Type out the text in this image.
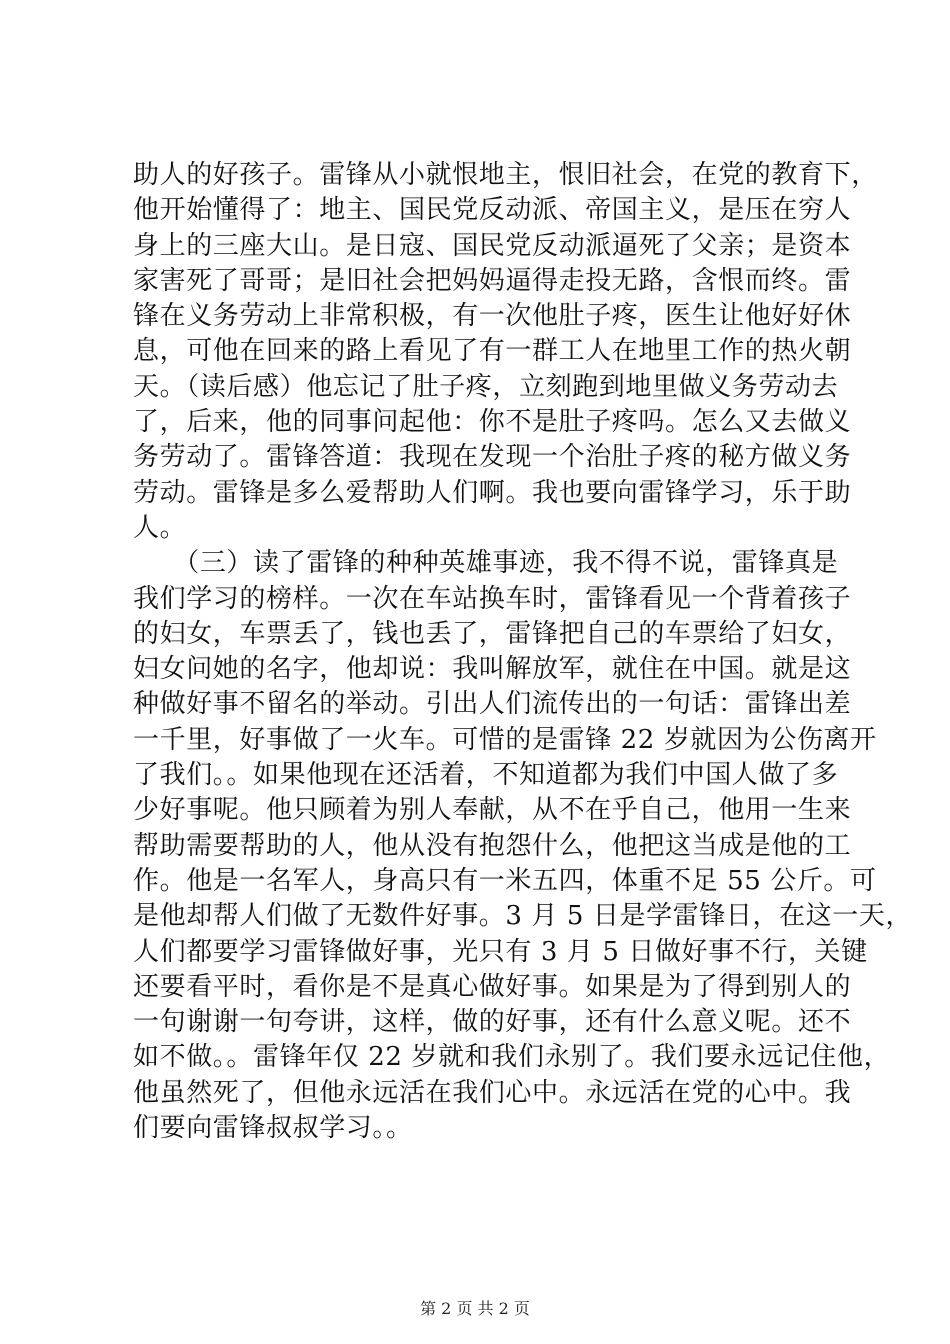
助人的好孩子。雷锋从小就恨地主，恨旧社会，在党的教育下，
他开始懂得了：地主、国民党反动派、帝国主义，是压在穷人
身上的三座大山。是日寇、国民党反动派逼死了父亲；是资本
家害死了哥哥；是旧社会把妈妈逼得走投无路，含恨而终。雷
锋在义务劳动上非常积极，有一次他肚子疼，医生让他好好休
息，可他在回来的路上看见了有一群工人在地里工作的热火朝
天。（读后感）他忘记了肚子疼，立刻跑到地里做义务劳动去
了，后来，他的同事问起他：你不是肚子疼吗。怎么又去做义
务劳动了。雷锋答道：我现在发现一个治肚子疼的秘方做义务
劳动。雷锋是多么爱帮助人们啊。我也要向雷锋学习，乐于助
人。
　　（三）读了雷锋的种种英雄事迹，我不得不说，雷锋真是
我们学习的榜样。一次在车站换车时，雷锋看见一个背着孩子
的妇女，车票丢了，钱也丢了，雷锋把自己的车票给了妇女，
妇女问她的名字，他却说：我叫解放军，就住在中国。就是这
种做好事不留名的举动。引出人们流传出的一句话：雷锋出差
一千里，好事做了一火车。可惜的是雷锋 22 岁就因为公伤离开
了我们。。如果他现在还活着，不知道都为我们中国人做了多
少好事呢。他只顾着为别人奉献，从不在乎自己，他用一生来
帮助需要帮助的人，他从没有抱怨什么，他把这当成是他的工
作。他是一名军人，身高只有一米五四，体重不足 55 公斤。可
是他却帮人们做了无数件好事。3 月 5 日是学雷锋日，在这一天，
人们都要学习雷锋做好事，光只有 3 月 5 日做好事不行，关键
还要看平时，看你是不是真心做好事。如果是为了得到别人的
一句谢谢一句夸讲，这样，做的好事，还有什么意义呢。还不
如不做。。雷锋年仅 22 岁就和我们永别了。我们要永远记住他，
他虽然死了，但他永远活在我们心中。永远活在党的心中。我
们要向雷锋叔叔学习。。
第 2 页 共 2 页
